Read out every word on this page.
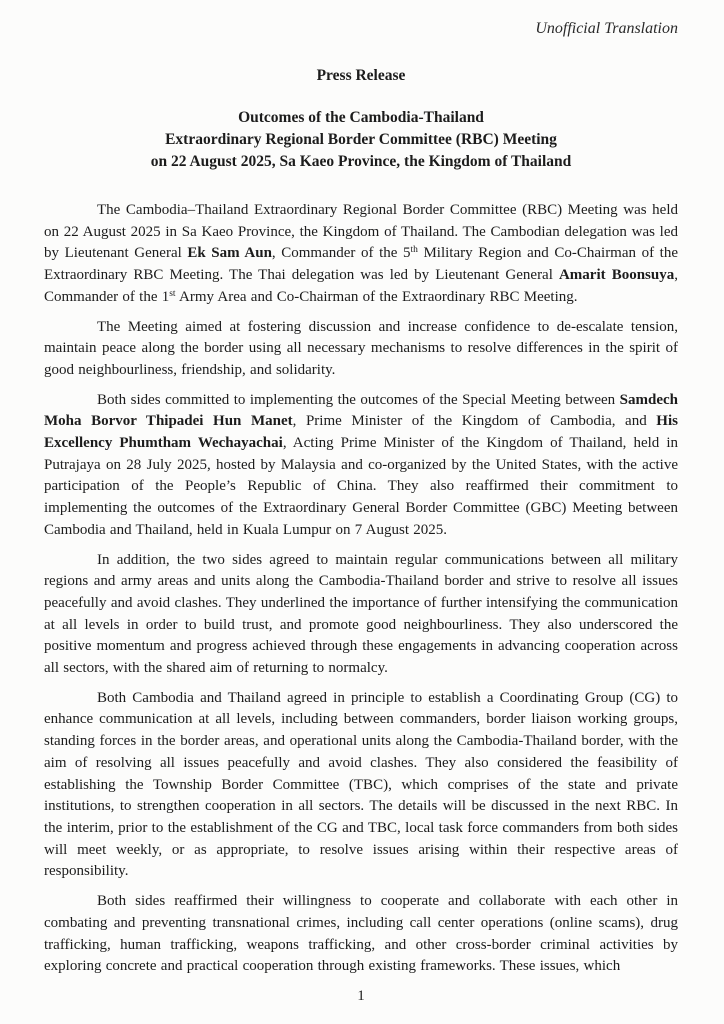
Unofficial Translation
Press Release
Outcomes of the Cambodia-Thailand
Extraordinary Regional Border Committee (RBC) Meeting
on 22 August 2025, Sa Kaeo Province, the Kingdom of Thailand

The Cambodia–Thailand Extraordinary Regional Border Committee (RBC) Meeting was held on 22 August 2025 in Sa Kaeo Province, the Kingdom of Thailand. The Cambodian delegation was led by Lieutenant General Ek Sam Aun, Commander of the 5th Military Region and Co-Chairman of the Extraordinary RBC Meeting. The Thai delegation was led by Lieutenant General Amarit Boonsuya, Commander of the 1st Army Area and Co-Chairman of the Extraordinary RBC Meeting.

The Meeting aimed at fostering discussion and increase confidence to de-escalate tension, maintain peace along the border using all necessary mechanisms to resolve differences in the spirit of good neighbourliness, friendship, and solidarity.

Both sides committed to implementing the outcomes of the Special Meeting between Samdech Moha Borvor Thipadei Hun Manet, Prime Minister of the Kingdom of Cambodia, and His Excellency Phumtham Wechayachai, Acting Prime Minister of the Kingdom of Thailand, held in Putrajaya on 28 July 2025, hosted by Malaysia and co-organized by the United States, with the active participation of the People’s Republic of China. They also reaffirmed their commitment to implementing the outcomes of the Extraordinary General Border Committee (GBC) Meeting between Cambodia and Thailand, held in Kuala Lumpur on 7 August 2025.

In addition, the two sides agreed to maintain regular communications between all military regions and army areas and units along the Cambodia-Thailand border and strive to resolve all issues peacefully and avoid clashes. They underlined the importance of further intensifying the communication at all levels in order to build trust, and promote good neighbourliness. They also underscored the positive momentum and progress achieved through these engagements in advancing cooperation across all sectors, with the shared aim of returning to normalcy.

Both Cambodia and Thailand agreed in principle to establish a Coordinating Group (CG) to enhance communication at all levels, including between commanders, border liaison working groups, standing forces in the border areas, and operational units along the Cambodia-Thailand border, with the aim of resolving all issues peacefully and avoid clashes. They also considered the feasibility of establishing the Township Border Committee (TBC), which comprises of the state and private institutions, to strengthen cooperation in all sectors. The details will be discussed in the next RBC. In the interim, prior to the establishment of the CG and TBC, local task force commanders from both sides will meet weekly, or as appropriate, to resolve issues arising within their respective areas of responsibility.

Both sides reaffirmed their willingness to cooperate and collaborate with each other in combating and preventing transnational crimes, including call center operations (online scams), drug trafficking, human trafficking, weapons trafficking, and other cross-border criminal activities by exploring concrete and practical cooperation through existing frameworks. These issues, which

1
